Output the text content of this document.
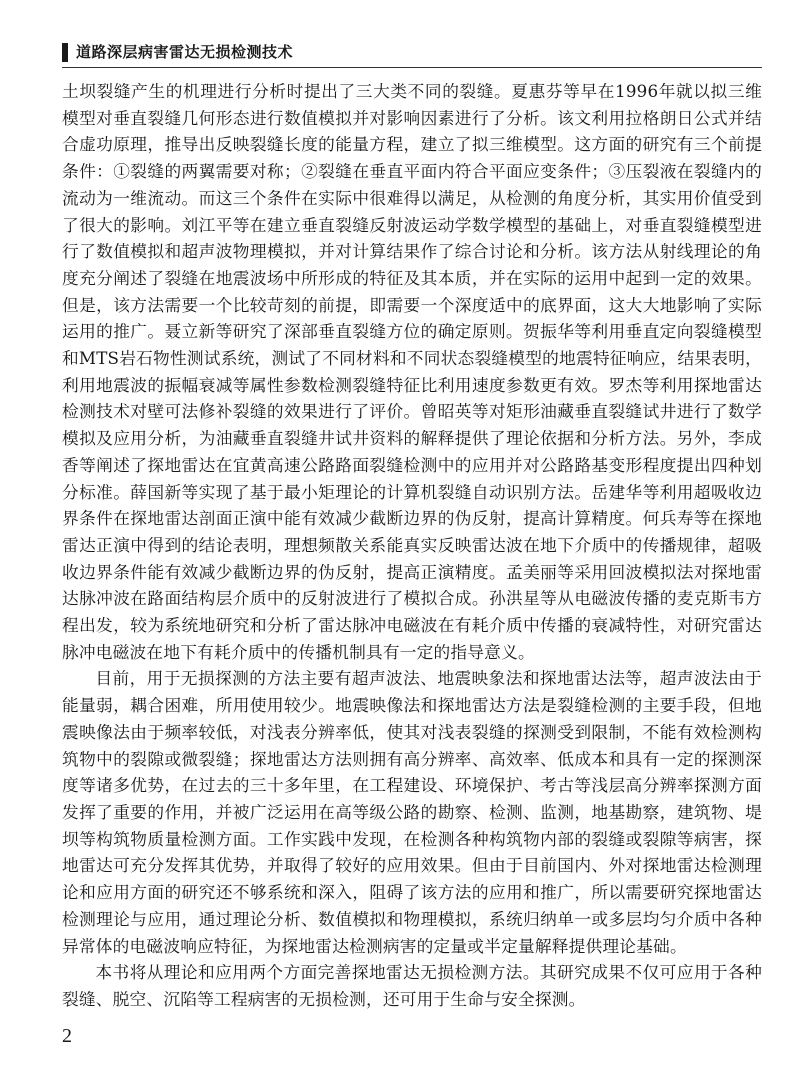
道路深层病害雷达无损检测技术

土坝裂缝产生的机理进行分析时提出了三大类不同的裂缝。夏惠芬等早在1996年就以拟三维模型对垂直裂缝几何形态进行数值模拟并对影响因素进行了分析。该文利用拉格朗日公式并结合虚功原理，推导出反映裂缝长度的能量方程，建立了拟三维模型。这方面的研究有三个前提条件：①裂缝的两翼需要对称；②裂缝在垂直平面内符合平面应变条件；③压裂液在裂缝内的流动为一维流动。而这三个条件在实际中很难得以满足，从检测的角度分析，其实用价值受到了很大的影响。刘江平等在建立垂直裂缝反射波运动学数学模型的基础上，对垂直裂缝模型进行了数值模拟和超声波物理模拟，并对计算结果作了综合讨论和分析。该方法从射线理论的角度充分阐述了裂缝在地震波场中所形成的特征及其本质，并在实际的运用中起到一定的效果。但是，该方法需要一个比较苛刻的前提，即需要一个深度适中的底界面，这大大地影响了实际运用的推广。聂立新等研究了深部垂直裂缝方位的确定原则。贺振华等利用垂直定向裂缝模型和MTS岩石物性测试系统，测试了不同材料和不同状态裂缝模型的地震特征响应，结果表明，利用地震波的振幅衰减等属性参数检测裂缝特征比利用速度参数更有效。罗杰等利用探地雷达检测技术对壁可法修补裂缝的效果进行了评价。曾昭英等对矩形油藏垂直裂缝试井进行了数学模拟及应用分析，为油藏垂直裂缝井试井资料的解释提供了理论依据和分析方法。另外，李成香等阐述了探地雷达在宜黄高速公路路面裂缝检测中的应用并对公路路基变形程度提出四种划分标准。薛国新等实现了基于最小矩理论的计算机裂缝自动识别方法。岳建华等利用超吸收边界条件在探地雷达剖面正演中能有效减少截断边界的伪反射，提高计算精度。何兵寿等在探地雷达正演中得到的结论表明，理想频散关系能真实反映雷达波在地下介质中的传播规律，超吸收边界条件能有效减少截断边界的伪反射，提高正演精度。孟美丽等采用回波模拟法对探地雷达脉冲波在路面结构层介质中的反射波进行了模拟合成。孙洪星等从电磁波传播的麦克斯韦方程出发，较为系统地研究和分析了雷达脉冲电磁波在有耗介质中传播的衰减特性，对研究雷达脉冲电磁波在地下有耗介质中的传播机制具有一定的指导意义。

目前，用于无损探测的方法主要有超声波法、地震映象法和探地雷达法等，超声波法由于能量弱，耦合困难，所用使用较少。地震映像法和探地雷达方法是裂缝检测的主要手段，但地震映像法由于频率较低，对浅表分辨率低，使其对浅表裂缝的探测受到限制，不能有效检测构筑物中的裂隙或微裂缝；探地雷达方法则拥有高分辨率、高效率、低成本和具有一定的探测深度等诸多优势，在过去的三十多年里，在工程建设、环境保护、考古等浅层高分辨率探测方面发挥了重要的作用，并被广泛运用在高等级公路的勘察、检测、监测，地基勘察，建筑物、堤坝等构筑物质量检测方面。工作实践中发现，在检测各种构筑物内部的裂缝或裂隙等病害，探地雷达可充分发挥其优势，并取得了较好的应用效果。但由于目前国内、外对探地雷达检测理论和应用方面的研究还不够系统和深入，阻碍了该方法的应用和推广，所以需要研究探地雷达检测理论与应用，通过理论分析、数值模拟和物理模拟，系统归纳单一或多层均匀介质中各种异常体的电磁波响应特征，为探地雷达检测病害的定量或半定量解释提供理论基础。

本书将从理论和应用两个方面完善探地雷达无损检测方法。其研究成果不仅可应用于各种裂缝、脱空、沉陷等工程病害的无损检测，还可用于生命与安全探测。

2
